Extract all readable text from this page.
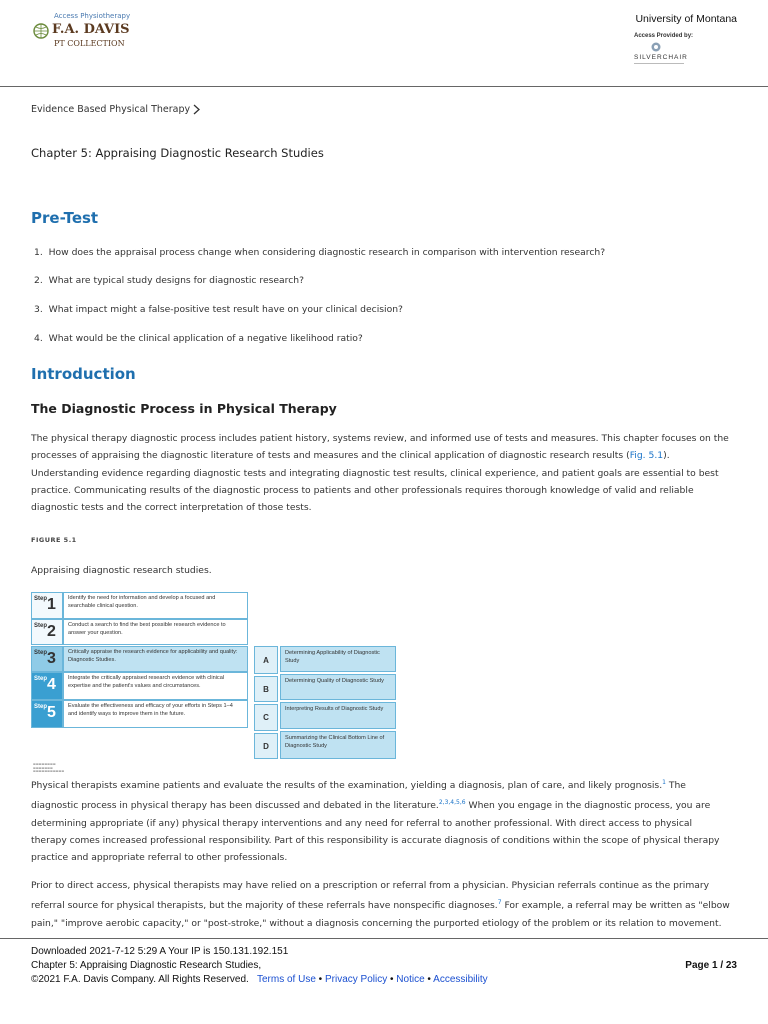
Access Physiotherapy
F.A. DAVIS
PT COLLECTION
University of Montana
Access Provided by:
SILVERCHAIR
Evidence Based Physical Therapy
Chapter 5: Appraising Diagnostic Research Studies
Pre-Test
1. How does the appraisal process change when considering diagnostic research in comparison with intervention research?
2. What are typical study designs for diagnostic research?
3. What impact might a false-positive test result have on your clinical decision?
4. What would be the clinical application of a negative likelihood ratio?
Introduction
The Diagnostic Process in Physical Therapy
The physical therapy diagnostic process includes patient history, systems review, and informed use of tests and measures. This chapter focuses on the
processes of appraising the diagnostic literature of tests and measures and the clinical application of diagnostic research results (Fig. 5.1).
Understanding evidence regarding diagnostic tests and integrating diagnostic test results, clinical experience, and patient goals are essential to best
practice. Communicating results of the diagnostic process to patients and other professionals requires thorough knowledge of valid and reliable
diagnostic tests and the correct interpretation of those tests.
FIGURE 5.1
Appraising diagnostic research studies.
Step 1	Identify the need for information and develop a focused and searchable clinical question.
Step 2	Conduct a search to find the best possible research evidence to answer your question.
Step 3	Critically appraise the research evidence for applicability and quality: Diagnostic Studies.
Step 4	Integrate the critically appraised research evidence with clinical expertise and the patient's values and circumstances.
Step 5	Evaluate the effectiveness and efficacy of your efforts in Steps 1–4 and identify ways to improve them in the future.
A
Determining Applicability of Diagnostic Study
B
Determining Quality of Diagnostic Study
C
Interpreting Results of Diagnostic Study
D
Summarizing the Clinical Bottom Line of Diagnostic Study
▬▬▬▬▬▬▬▬
▬▬▬▬▬▬▬
▬▬▬▬▬▬▬▬▬▬▬
Physical therapists examine patients and evaluate the results of the examination, yielding a diagnosis, plan of care, and likely prognosis.$^1$ The
diagnostic process in physical therapy has been discussed and debated in the literature.$^{2,3,4,5,6}$ When you engage in the diagnostic process, you are
determining appropriate (if any) physical therapy interventions and any need for referral to another professional. With direct access to physical
therapy comes increased professional responsibility. Part of this responsibility is accurate diagnosis of conditions within the scope of physical therapy
practice and appropriate referral to other professionals.
Prior to direct access, physical therapists may have relied on a prescription or referral from a physician. Physician referrals continue as the primary
referral source for physical therapists, but the majority of these referrals have nonspecific diagnoses.$^7$ For example, a referral may be written as "elbow
pain," "improve aerobic capacity," or "post-stroke," without a diagnosis concerning the purported etiology of the problem or its relation to movement.
Downloaded 2021-7-12 5:29 A Your IP is 150.131.192.151
Chapter 5: Appraising Diagnostic Research Studies,
©2021 F.A. Davis Company. All Rights Reserved. Terms of Use • Privacy Policy • Notice • Accessibility
Page 1 / 23
